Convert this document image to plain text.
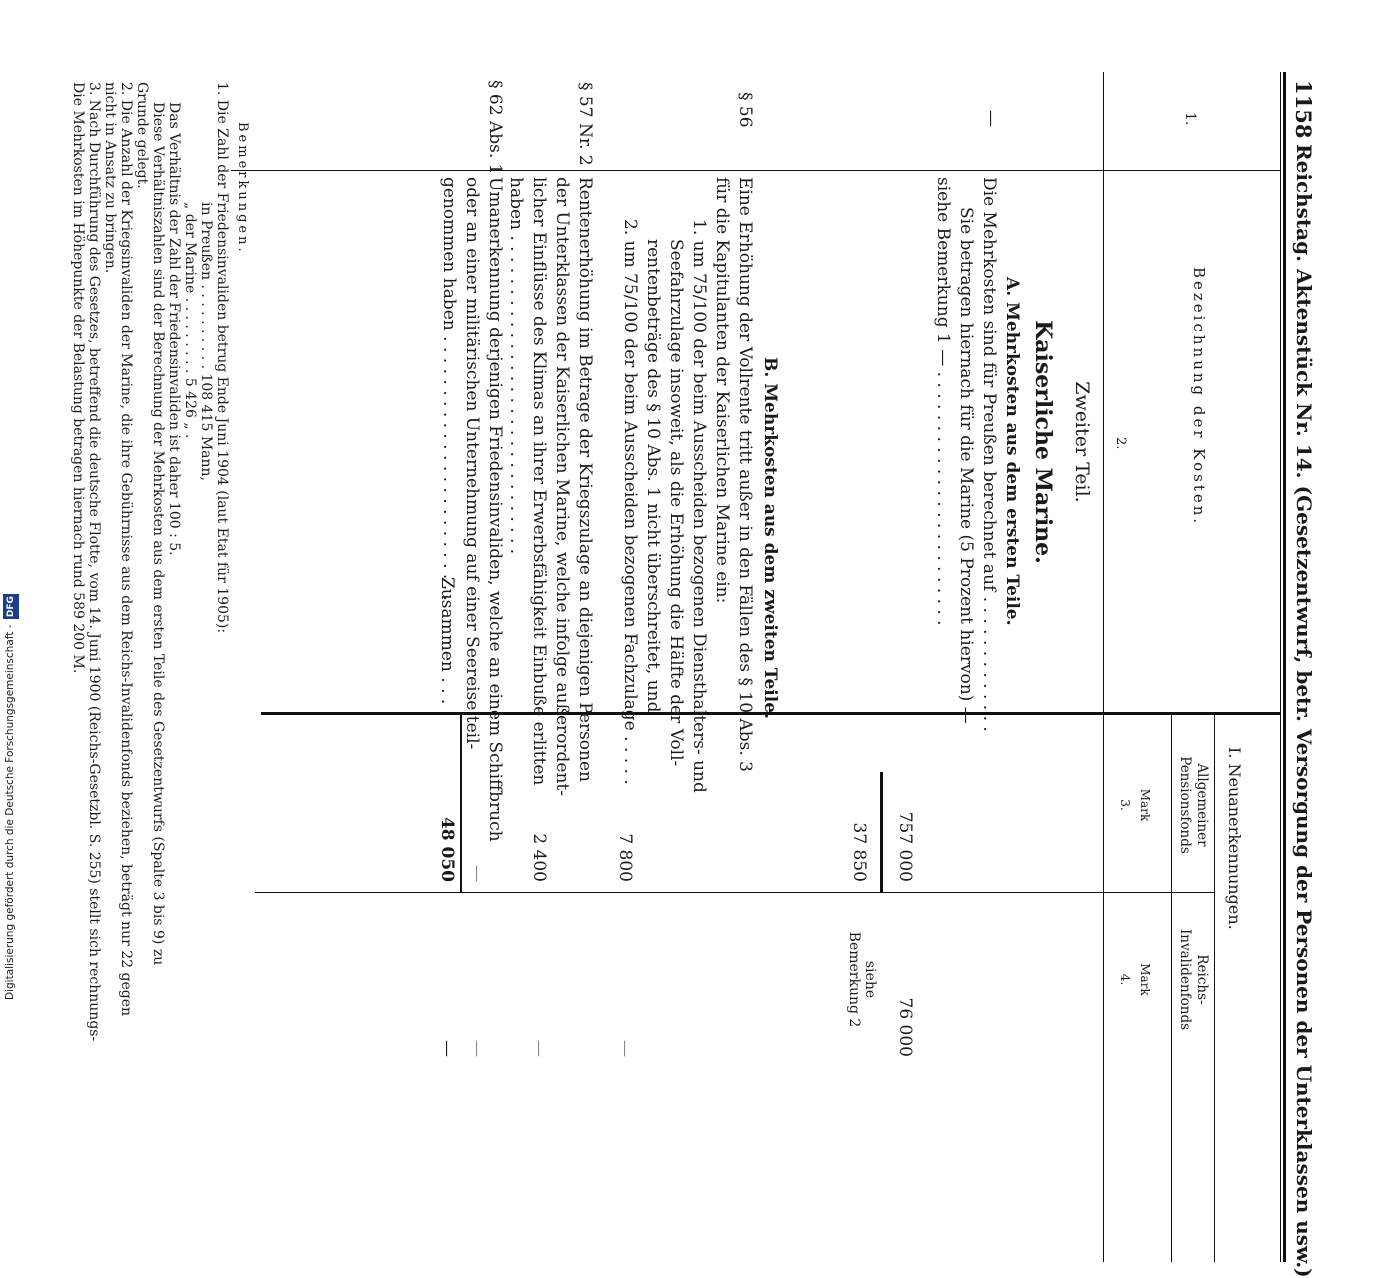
1158
Reichstag. Aktenstück Nr. 14. (Gesetzentwurf, betr. Versorgung der Personen der Unterklassen usw.)
1.
Bezeichnung der Kosten.
2.
I. Neuanerkennungen.
Allgemeiner
Pensionsfonds
Reichs-
Invalidenfonds
Mark
3.
Mark
4.
Zweiter Teil.
Kaiserliche Marine.
A. Mehrkosten aus dem ersten Teile.
—
Die Mehrkosten sind für Preußen berechnet auf . . . . . . . . . . . . .
Sie betragen hiernach für die Marine (5 Prozent hiervon) —
siehe Bemerkung 1 — . . . . . . . . . . . . . . . . . . . . . . . .
757 000
76 000
37 850
siehe
Bemerkung 2
B. Mehrkosten aus dem zweiten Teile.
§ 56
Eine Erhöhung der Vollrente tritt außer in den Fällen des § 10 Abs. 3
für die Kapitulanten der Kaiserlichen Marine ein:
1. um 75/100 der beim Ausscheiden bezogenen Diensthalters- und
Seefahrzulage insoweit, als die Erhöhung die Hälfte der Voll-
rentenbeträge des § 10 Abs. 1 nicht überschreitet, und
2. um 75/100 der beim Ausscheiden bezogenen Fachzulage . . . . .
7 800
§ 57 Nr. 2
Rentenerhöhung im Betrage der Kriegszulage an diejenigen Personen
der Unterklassen der Kaiserlichen Marine, welche infolge außerordent-
licher Einflüsse des Klimas an ihrer Erwerbsfähigkeit Einbuße erlitten
haben . . . . . . . . . . . . . . . . . . . . . . . . . . . . . .
2 400
§ 62 Abs. 1
Umanerkennung derjenigen Friedensinvaliden, welche an einem Schiffbruch
oder an einer militärischen Unternehmung auf einer Seereise teil-
genommen haben . . . . . . . . . . . . . . . . . . . . . . . . .
—
—
—
—
Zusammen . . .
48 050
—
Bemerkungen.
1. Die Zahl der Friedensinvaliden betrug Ende Juni 1904 (laut Etat für 1905):
in Preußen . . . . . . . . . . 108 415 Mann,
„ der Marine . . . . . . . . . 5 426 „ .
Das Verhältnis der Zahl der Friedensinvaliden ist daher 100 : 5.
Diese Verhältniszahlen sind der Berechnung der Mehrkosten aus dem ersten Teile des Gesetzentwurfs (Spalte 3 bis 9) zu
Grunde gelegt.
2. Die Anzahl der Kriegsinvaliden der Marine, die ihre Gebührnisse aus dem Reichs-Invalidenfonds beziehen, beträgt nur 22 gegen
nicht in Ansatz zu bringen.
3. Nach Durchführung des Gesetzes, betreffend die deutsche Flotte, vom 14. Juni 1900 (Reichs-Gesetzbl. S. 255) stellt sich rechnungs-
Die Mehrkosten im Höhepunkte der Belastung betragen hiernach rund 589 200 M.
Digitalisierung gefördert durch die Deutsche Forschungsgemeinschaft - DFG
